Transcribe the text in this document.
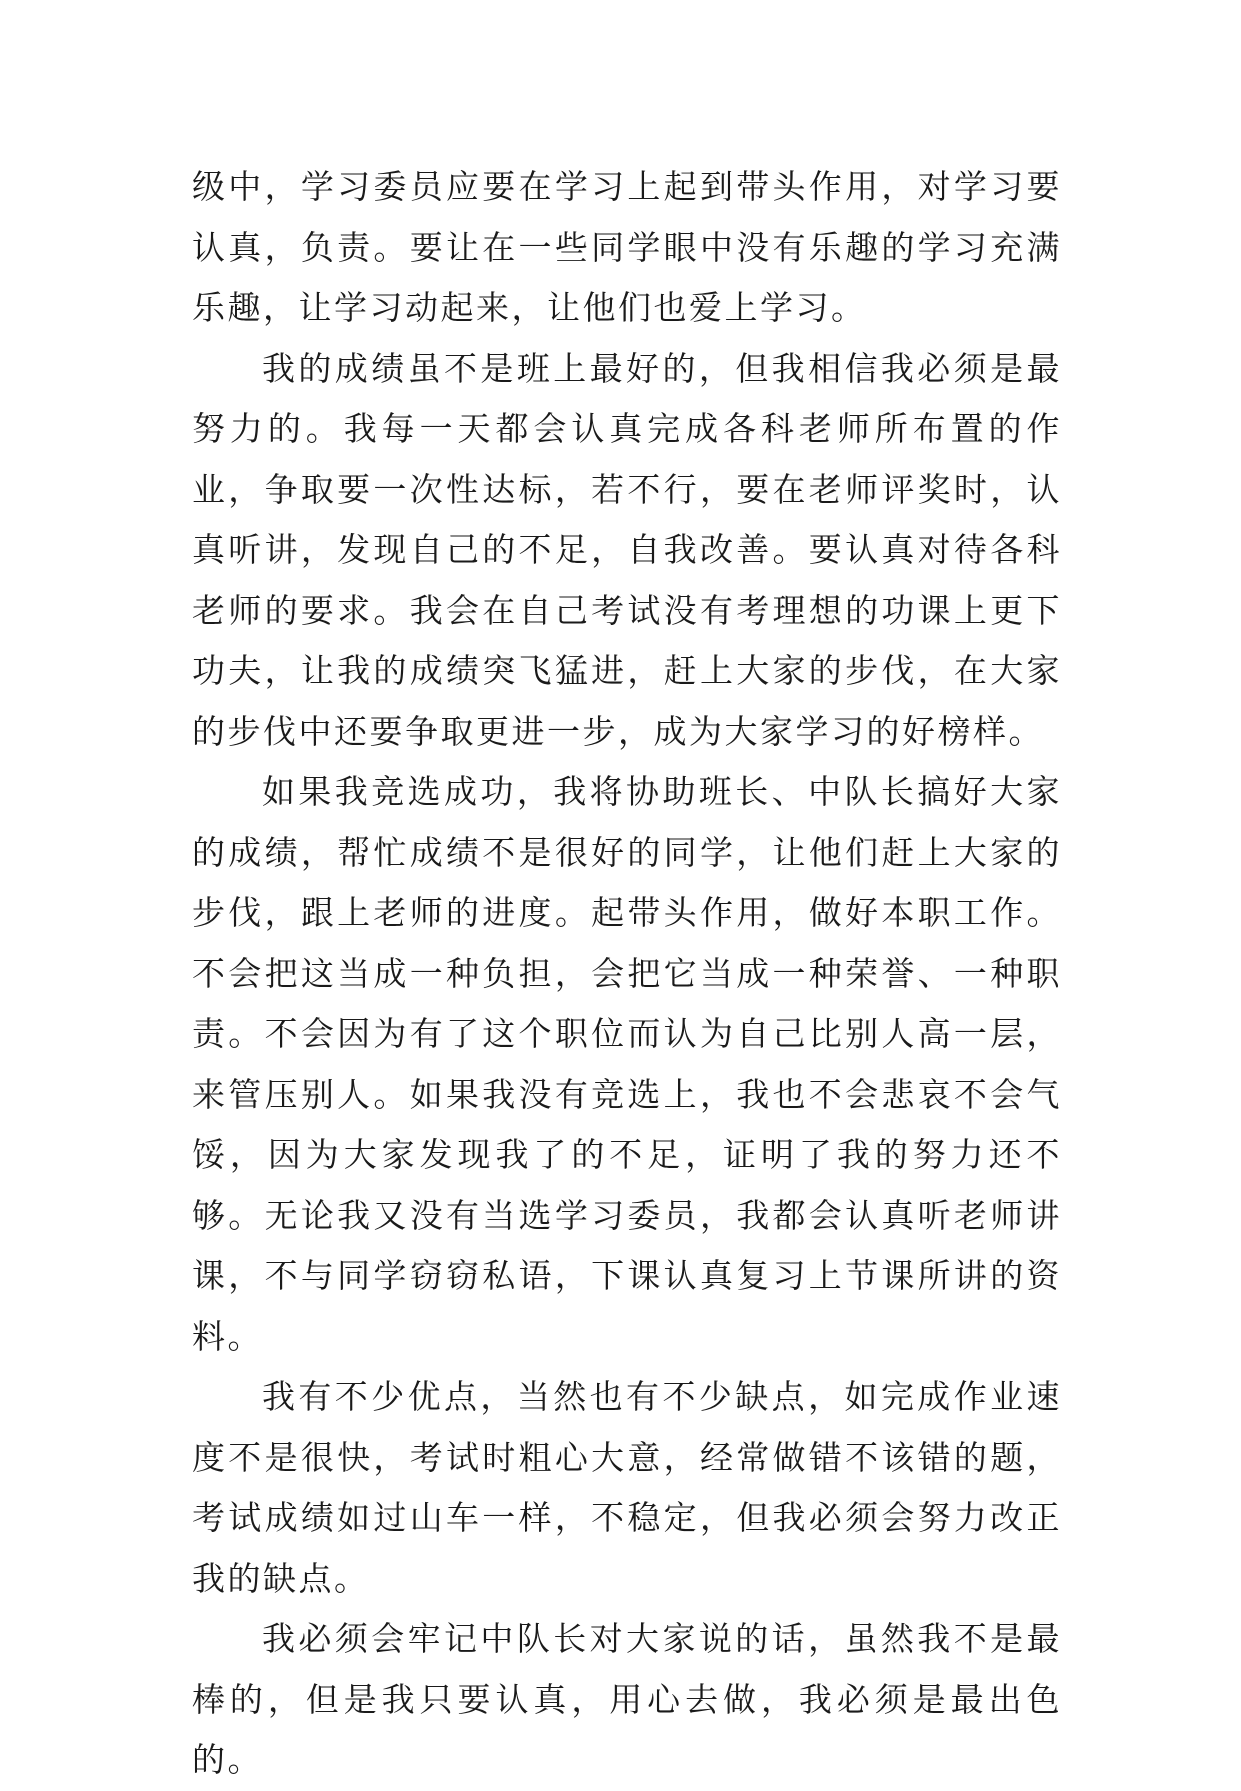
级中，学习委员应要在学习上起到带头作用，对学习要认真，负责。要让在一些同学眼中没有乐趣的学习充满乐趣，让学习动起来，让他们也爱上学习。

我的成绩虽不是班上最好的，但我相信我必须是最努力的。我每一天都会认真完成各科老师所布置的作业，争取要一次性达标，若不行，要在老师评奖时，认真听讲，发现自己的不足，自我改善。要认真对待各科老师的要求。我会在自己考试没有考理想的功课上更下功夫，让我的成绩突飞猛进，赶上大家的步伐，在大家的步伐中还要争取更进一步，成为大家学习的好榜样。

如果我竞选成功，我将协助班长、中队长搞好大家的成绩，帮忙成绩不是很好的同学，让他们赶上大家的步伐，跟上老师的进度。起带头作用，做好本职工作。不会把这当成一种负担，会把它当成一种荣誉、一种职责。不会因为有了这个职位而认为自己比别人高一层，来管压别人。如果我没有竞选上，我也不会悲哀不会气馁，因为大家发现我了的不足，证明了我的努力还不够。无论我又没有当选学习委员，我都会认真听老师讲课，不与同学窃窃私语，下课认真复习上节课所讲的资料。

我有不少优点，当然也有不少缺点，如完成作业速度不是很快，考试时粗心大意，经常做错不该错的题，考试成绩如过山车一样，不稳定，但我必须会努力改正我的缺点。

我必须会牢记中队长对大家说的话，虽然我不是最棒的，但是我只要认真，用心去做，我必须是最出色的。
